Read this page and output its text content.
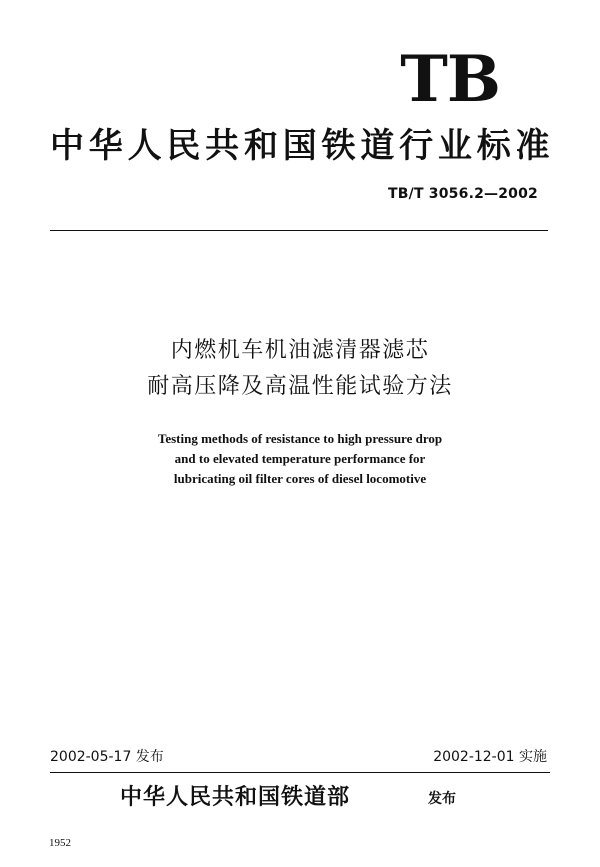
TB
中华人民共和国铁道行业标准
TB/T 3056.2—2002
内燃机车机油滤清器滤芯
耐高压降及高温性能试验方法
Testing methods of resistance to high pressure drop
and to elevated temperature performance for
lubricating oil filter cores of diesel locomotive
2002-05-17 发布	2002-12-01 实施
中华人民共和国铁道部	发布
1952
